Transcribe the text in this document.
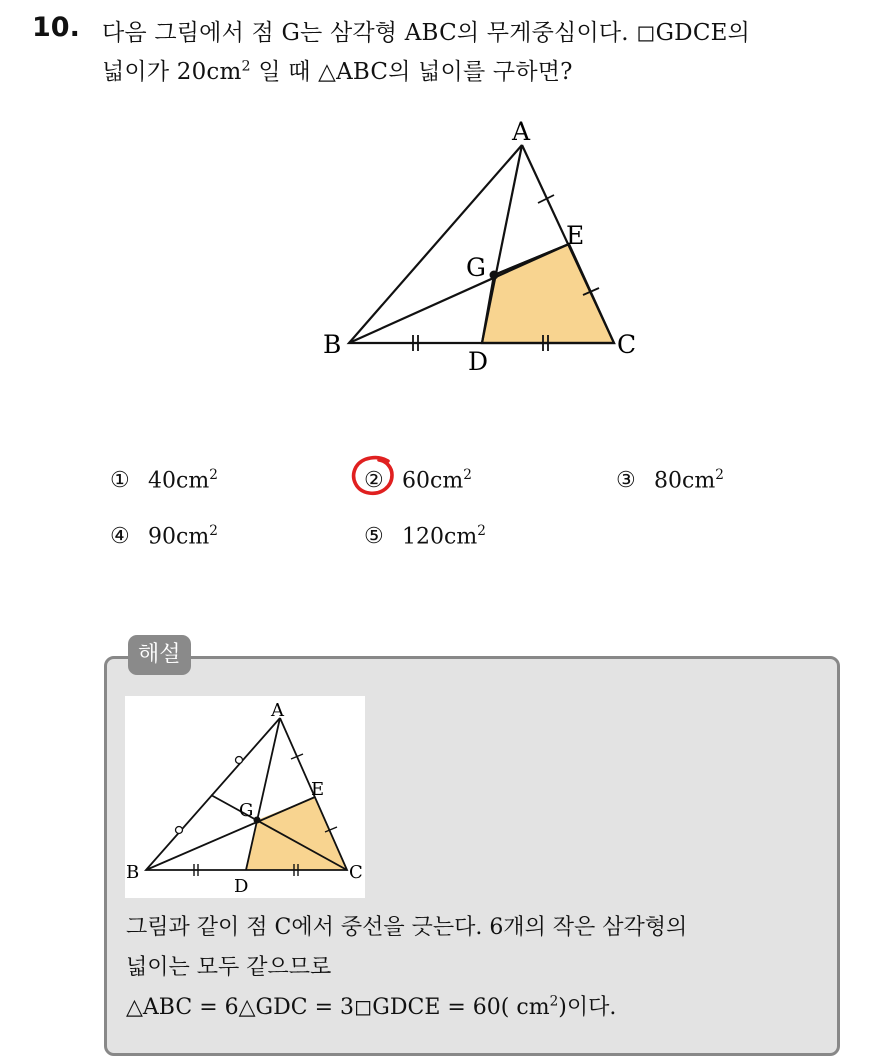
10. 다음 그림에서 점 G는 삼각형 ABC의 무게중심이다. ◻GDCE의
넓이가 $20cm^2$ 일 때 △ABC의 넓이를 구하면?
A
B	C
D
E
G
① $40cm^2$	② $60cm^2$	③ $80cm^2$
④ $90cm^2$	⑤ $120cm^2$
해설
A
B	C
D
E
G
그림과 같이 점 C에서 중선을 긋는다. 6개의 작은 삼각형의
넓이는 모두 같으므로
△ABC = 6△GDC = 3◻GDCE = 60( $cm^2$)이다.
